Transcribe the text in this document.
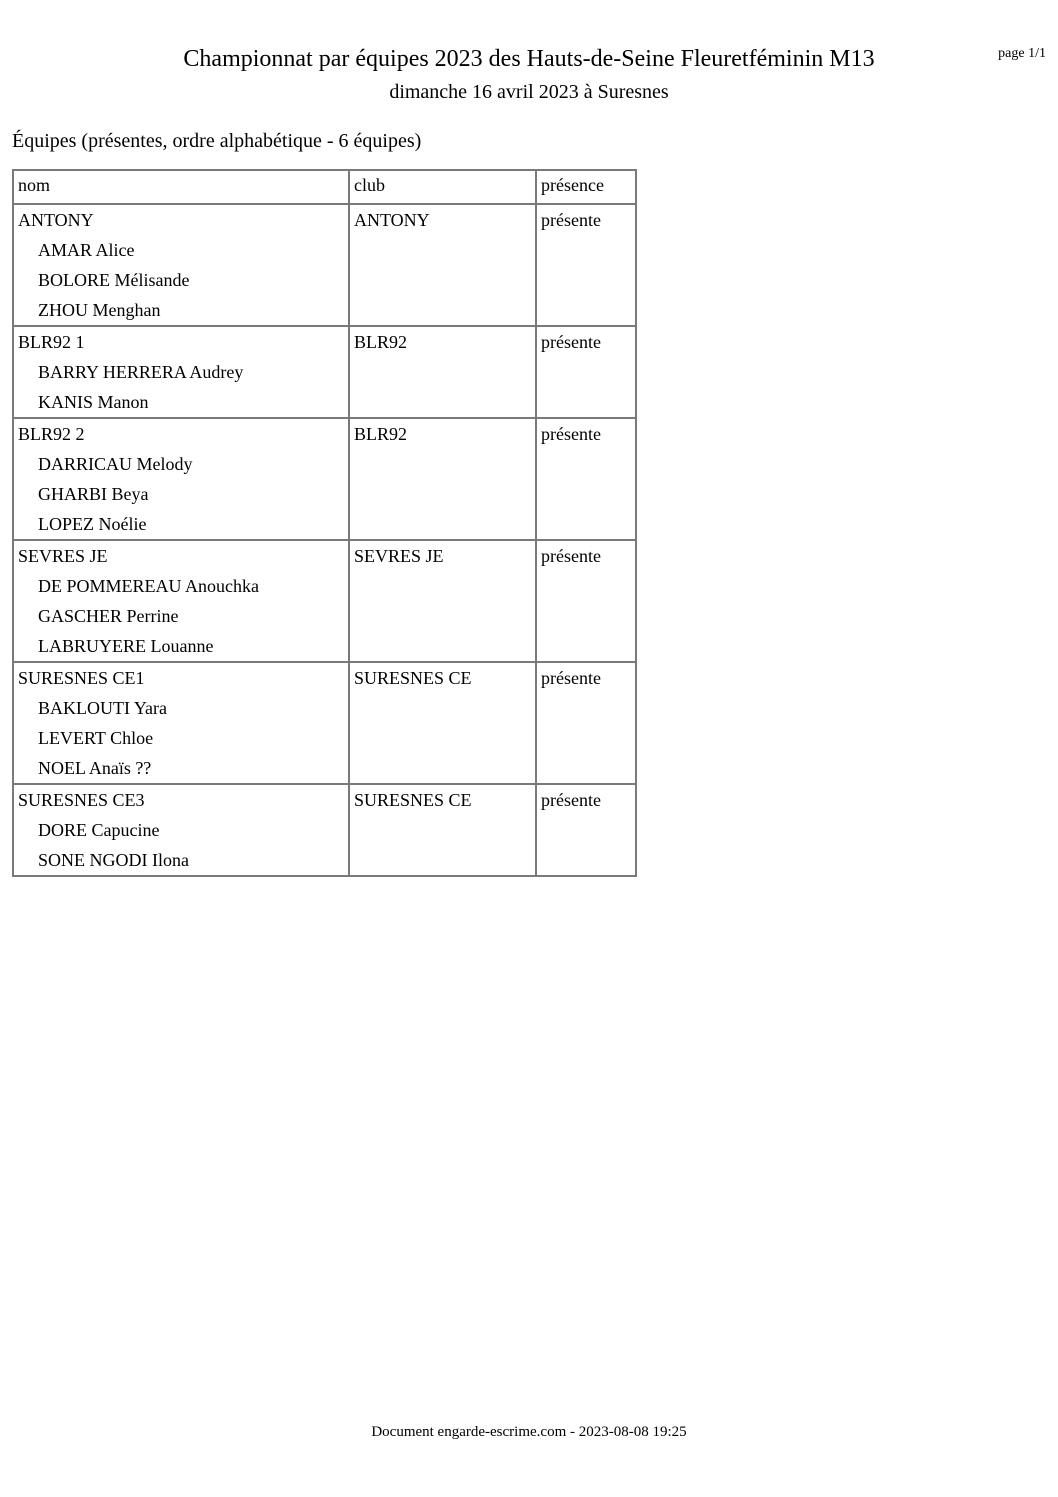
Championnat par équipes 2023 des Hauts-de-Seine Fleuretféminin M13	page 1/1
dimanche 16 avril 2023 à Suresnes
Équipes (présentes, ordre alphabétique - 6 équipes)
nom	club	présence

ANTONY
AMAR Alice
BOLORE Mélisande
ZHOU Menghan	ANTONY	présente

BLR92 1
BARRY HERRERA Audrey
KANIS Manon	BLR92	présente

BLR92 2
DARRICAU Melody
GHARBI Beya
LOPEZ Noélie	BLR92	présente

SEVRES JE
DE POMMEREAU Anouchka
GASCHER Perrine
LABRUYERE Louanne	SEVRES JE	présente

SURESNES CE1
BAKLOUTI Yara
LEVERT Chloe
NOEL Anaïs ??	SURESNES CE	présente

SURESNES CE3
DORE Capucine
SONE NGODI Ilona	SURESNES CE	présente
Document engarde-escrime.com - 2023-08-08 19:25
